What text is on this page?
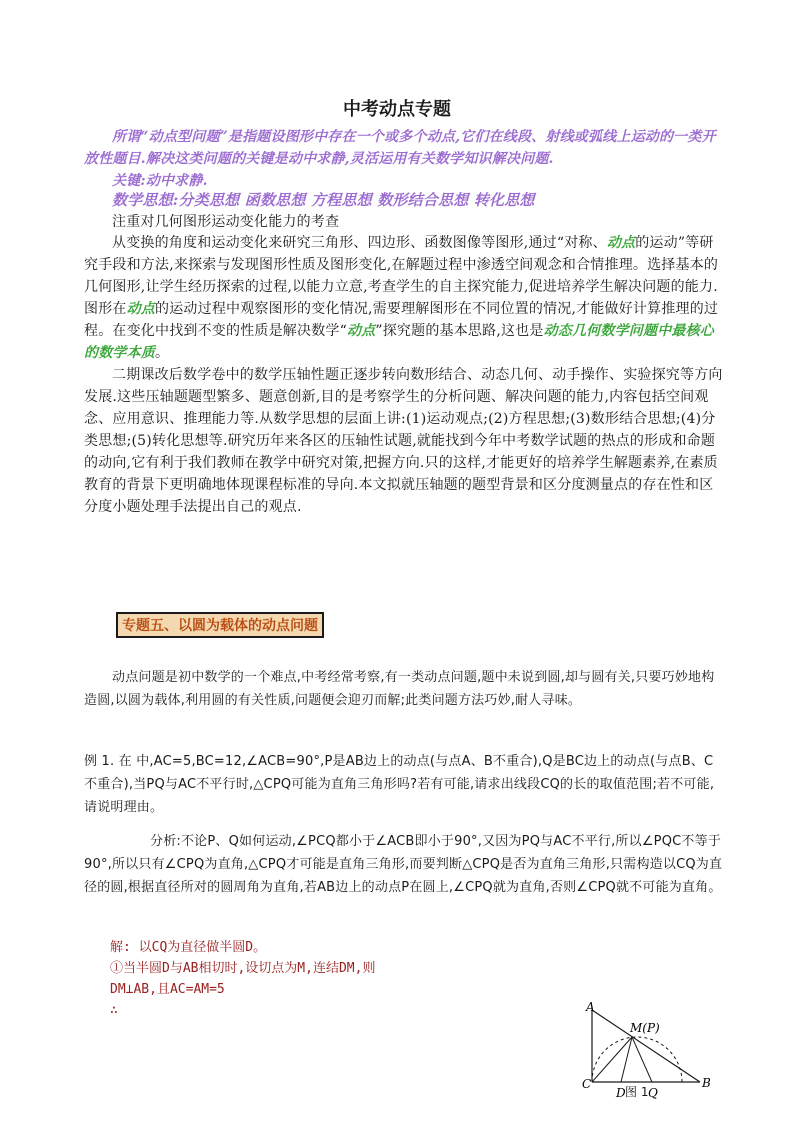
中考动点专题
所谓“动点型问题”是指题设图形中存在一个或多个动点,它们在线段、射线或弧线上运动的一类开放性题目.解决这类问题的关键是动中求静,灵活运用有关数学知识解决问题.
关键:动中求静.
数学思想:分类思想 函数思想 方程思想 数形结合思想 转化思想
注重对几何图形运动变化能力的考查
从变换的角度和运动变化来研究三角形、四边形、函数图像等图形,通过“对称、动点的运动”等研究手段和方法,来探索与发现图形性质及图形变化,在解题过程中渗透空间观念和合情推理。选择基本的几何图形,让学生经历探索的过程,以能力立意,考查学生的自主探究能力,促进培养学生解决问题的能力.图形在动点的运动过程中观察图形的变化情况,需要理解图形在不同位置的情况,才能做好计算推理的过程。在变化中找到不变的性质是解决数学“动点”探究题的基本思路,这也是动态几何数学问题中最核心的数学本质。
二期课改后数学卷中的数学压轴性题正逐步转向数形结合、动态几何、动手操作、实验探究等方向发展.这些压轴题题型繁多、题意创新,目的是考察学生的分析问题、解决问题的能力,内容包括空间观念、应用意识、推理能力等.从数学思想的层面上讲:(1)运动观点;(2)方程思想;(3)数形结合思想;(4)分类思想;(5)转化思想等.研究历年来各区的压轴性试题,就能找到今年中考数学试题的热点的形成和命题的动向,它有利于我们教师在教学中研究对策,把握方向.只的这样,才能更好的培养学生解题素养,在素质教育的背景下更明确地体现课程标准的导向.本文拟就压轴题的题型背景和区分度测量点的存在性和区分度小题处理手法提出自己的观点.
专题五、以圆为载体的动点问题
动点问题是初中数学的一个难点,中考经常考察,有一类动点问题,题中未说到圆,却与圆有关,只要巧妙地构造圆,以圆为载体,利用圆的有关性质,问题便会迎刃而解;此类问题方法巧妙,耐人寻味。
例 1. 在 中,AC=5,BC=12,∠ACB=90°,P是AB边上的动点(与点A、B不重合),Q是BC边上的动点(与点B、C不重合),当PQ与AC不平行时,△CPQ可能为直角三角形吗?若有可能,请求出线段CQ的长的取值范围;若不可能,请说明理由。
分析:不论P、Q如何运动,∠PCQ都小于∠ACB即小于90°,又因为PQ与AC不平行,所以∠PQC不等于90°,所以只有∠CPQ为直角,△CPQ才可能是直角三角形,而要判断△CPQ是否为直角三角形,只需构造以CQ为直径的圆,根据直径所对的圆周角为直角,若AB边上的动点P在圆上,∠CPQ就为直角,否则∠CPQ就不可能为直角。
解: 以CQ为直径做半圆D。
①当半圆D与AB相切时,设切点为M,连结DM,则
DM⊥AB,且AC=AM=5
∴	A
C	B
D Q
M(P)
图 1
